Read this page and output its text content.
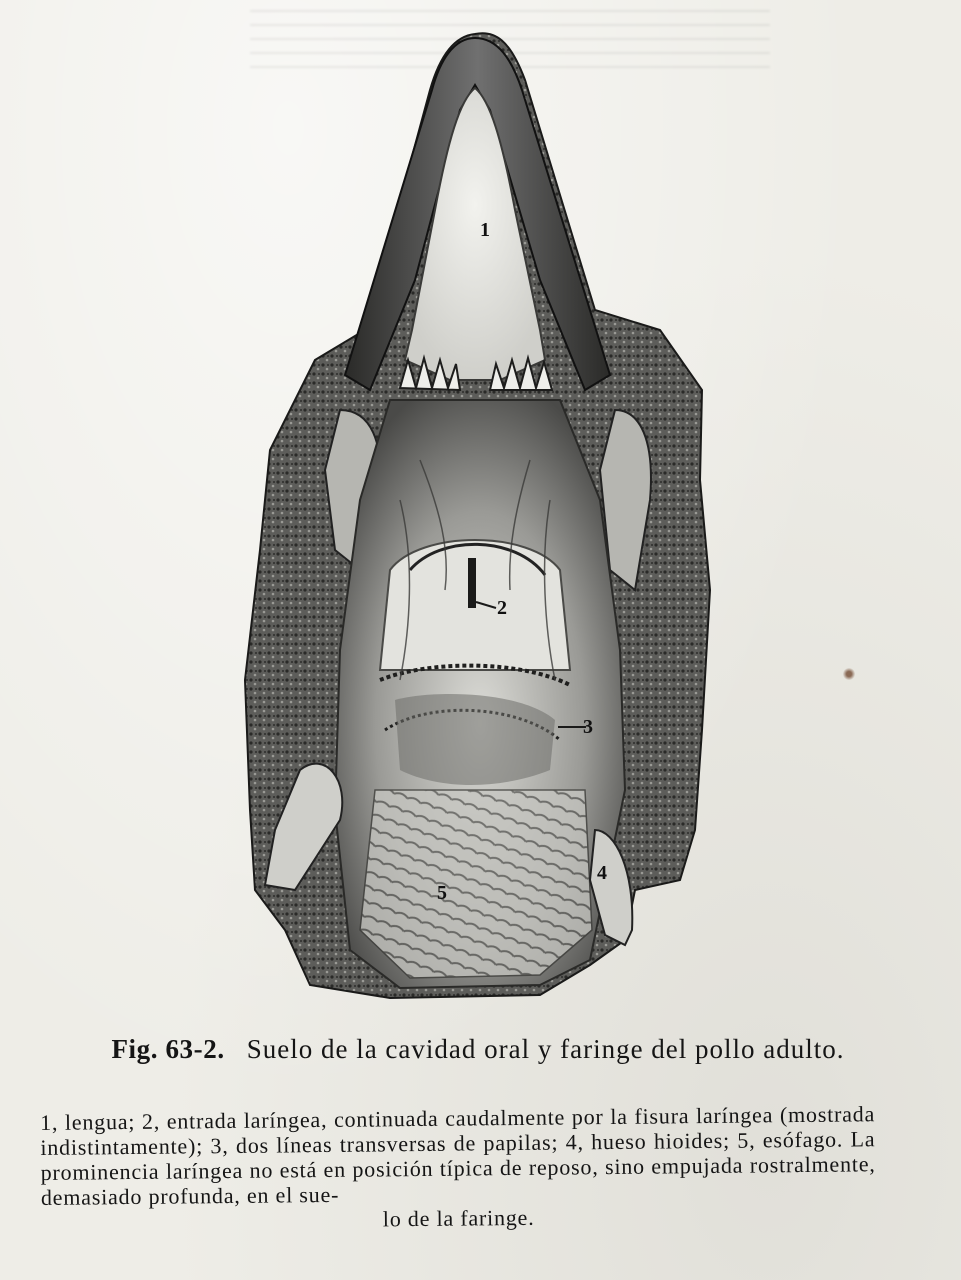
1
2
3
4
5
Fig. 63-2. Suelo de la cavidad oral y faringe del pollo adulto.
1, lengua; 2, entrada laríngea, continuada caudalmente por la fisura laríngea (mostrada indistintamente); 3, dos líneas transversas de papilas; 4, hueso hioides; 5, esófago. La prominencia laríngea no está en posición típica de reposo, sino empujada rostralmente, demasiado profunda, en el sue-
lo de la faringe.
